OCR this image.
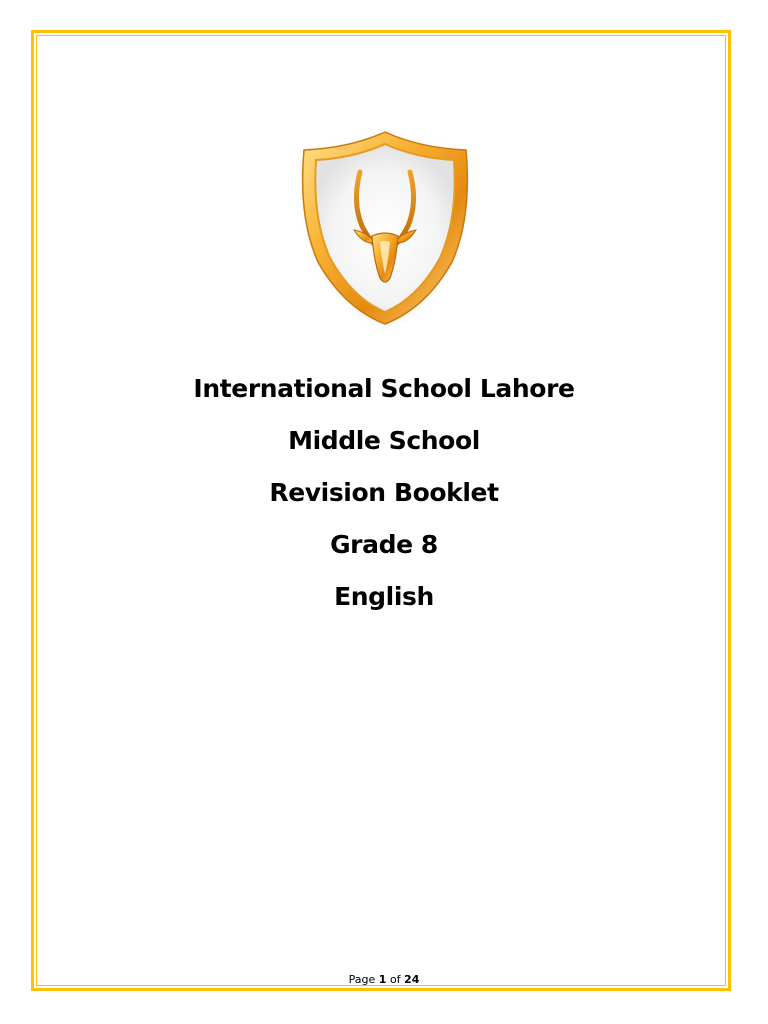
International School Lahore
Middle School
Revision Booklet
Grade 8
English
Page 1 of 24
